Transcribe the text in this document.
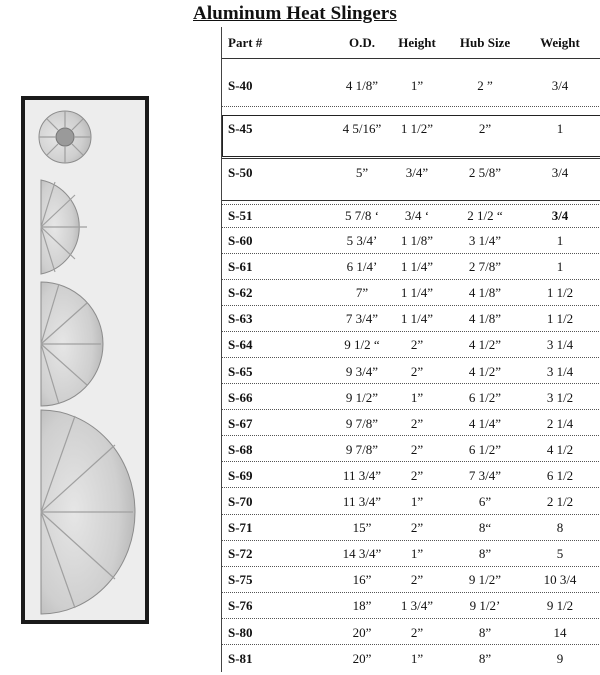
Aluminum Heat Slingers
Part #	O.D.	Height	Hub Size	Weight
S-40	4 1/8”	1”	2 ”	3/4
S-45	4 5/16”	1 1/2”	2”	1
S-50	5”	3/4”	2 5/8”	3/4
S-51	5 7/8 ‘	3/4 ‘	2 1/2 “	3/4
S-60	5 3/4’	1 1/8”	3 1/4”	1
S-61	6 1/4’	1 1/4”	2 7/8”	1
S-62	7”	1 1/4”	4 1/8”	1 1/2
S-63	7 3/4”	1 1/4”	4 1/8”	1 1/2
S-64	9 1/2 “	2”	4 1/2”	3 1/4
S-65	9 3/4”	2”	4 1/2”	3 1/4
S-66	9 1/2”	1”	6 1/2”	3 1/2
S-67	9 7/8”	2”	4 1/4”	2 1/4
S-68	9 7/8”	2”	6 1/2”	4 1/2
S-69	11 3/4”	2”	7 3/4”	6 1/2
S-70	11 3/4”	1”	6”	2 1/2
S-71	15”	2”	8“	8
S-72	14 3/4”	1”	8”	5
S-75	16”	2”	9 1/2”	10 3/4
S-76	18”	1 3/4”	9 1/2’	9 1/2
S-80	20”	2”	8”	14
S-81	20”	1”	8”	9
